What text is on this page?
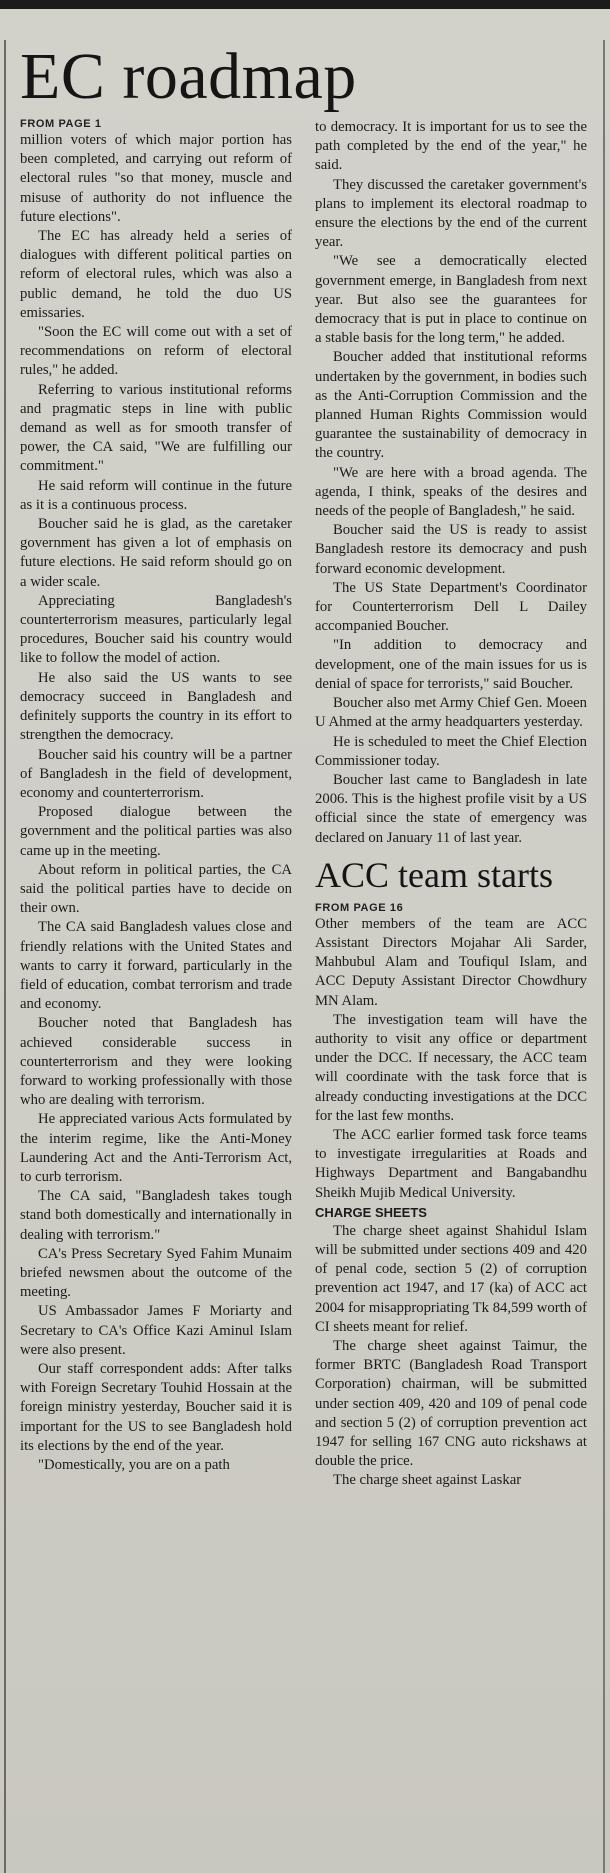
EC roadmap
FROM PAGE 1

million voters of which major portion has been completed, and carrying out reform of electoral rules "so that money, muscle and misuse of authority do not influence the future elections".

The EC has already held a series of dialogues with different political parties on reform of electoral rules, which was also a public demand, he told the duo US emissaries.

"Soon the EC will come out with a set of recommendations on reform of electoral rules," he added.

Referring to various institutional reforms and pragmatic steps in line with public demand as well as for smooth transfer of power, the CA said, "We are fulfilling our commitment."

He said reform will continue in the future as it is a continuous process.

Boucher said he is glad, as the caretaker government has given a lot of emphasis on future elections. He said reform should go on a wider scale.

Appreciating Bangladesh's counterterrorism measures, particularly legal procedures, Boucher said his country would like to follow the model of action.

He also said the US wants to see democracy succeed in Bangladesh and definitely supports the country in its effort to strengthen the democracy.

Boucher said his country will be a partner of Bangladesh in the field of development, economy and counterterrorism.

Proposed dialogue between the government and the political parties was also came up in the meeting.

About reform in political parties, the CA said the political parties have to decide on their own.

The CA said Bangladesh values close and friendly relations with the United States and wants to carry it forward, particularly in the field of education, combat terrorism and trade and economy.

Boucher noted that Bangladesh has achieved considerable success in counterterrorism and they were looking forward to working professionally with those who are dealing with terrorism.

He appreciated various Acts formulated by the interim regime, like the Anti-Money Laundering Act and the Anti-Terrorism Act, to curb terrorism.

The CA said, "Bangladesh takes tough stand both domestically and internationally in dealing with terrorism."

CA's Press Secretary Syed Fahim Munaim briefed newsmen about the outcome of the meeting.

US Ambassador James F Moriarty and Secretary to CA's Office Kazi Aminul Islam were also present.

Our staff correspondent adds: After talks with Foreign Secretary Touhid Hossain at the foreign ministry yesterday, Boucher said it is important for the US to see Bangladesh hold its elections by the end of the year.

"Domestically, you are on a path

to democracy. It is important for us to see the path completed by the end of the year," he said.

They discussed the caretaker government's plans to implement its electoral roadmap to ensure the elections by the end of the current year.

"We see a democratically elected government emerge, in Bangladesh from next year. But also see the guarantees for democracy that is put in place to continue on a stable basis for the long term," he added.

Boucher added that institutional reforms undertaken by the government, in bodies such as the Anti-Corruption Commission and the planned Human Rights Commission would guarantee the sustainability of democracy in the country.

"We are here with a broad agenda. The agenda, I think, speaks of the desires and needs of the people of Bangladesh," he said.

Boucher said the US is ready to assist Bangladesh restore its democracy and push forward economic development.

The US State Department's Coordinator for Counterterrorism Dell L Dailey accompanied Boucher.

"In addition to democracy and development, one of the main issues for us is denial of space for terrorists," said Boucher.

Boucher also met Army Chief Gen. Moeen U Ahmed at the army headquarters yesterday.

He is scheduled to meet the Chief Election Commissioner today.

Boucher last came to Bangladesh in late 2006. This is the highest profile visit by a US official since the state of emergency was declared on January 11 of last year.

ACC team starts
FROM PAGE 16

Other members of the team are ACC Assistant Directors Mojahar Ali Sarder, Mahbubul Alam and Toufiqul Islam, and ACC Deputy Assistant Director Chowdhury MN Alam.

The investigation team will have the authority to visit any office or department under the DCC. If necessary, the ACC team will coordinate with the task force that is already conducting investigations at the DCC for the last few months.

The ACC earlier formed task force teams to investigate irregularities at Roads and Highways Department and Bangabandhu Sheikh Mujib Medical University.

CHARGE SHEETS

The charge sheet against Shahidul Islam will be submitted under sections 409 and 420 of penal code, section 5 (2) of corruption prevention act 1947, and 17 (ka) of ACC act 2004 for misappropriating Tk 84,599 worth of CI sheets meant for relief.

The charge sheet against Taimur, the former BRTC (Bangladesh Road Transport Corporation) chairman, will be submitted under section 409, 420 and 109 of penal code and section 5 (2) of corruption prevention act 1947 for selling 167 CNG auto rickshaws at double the price.

The charge sheet against Laskar
